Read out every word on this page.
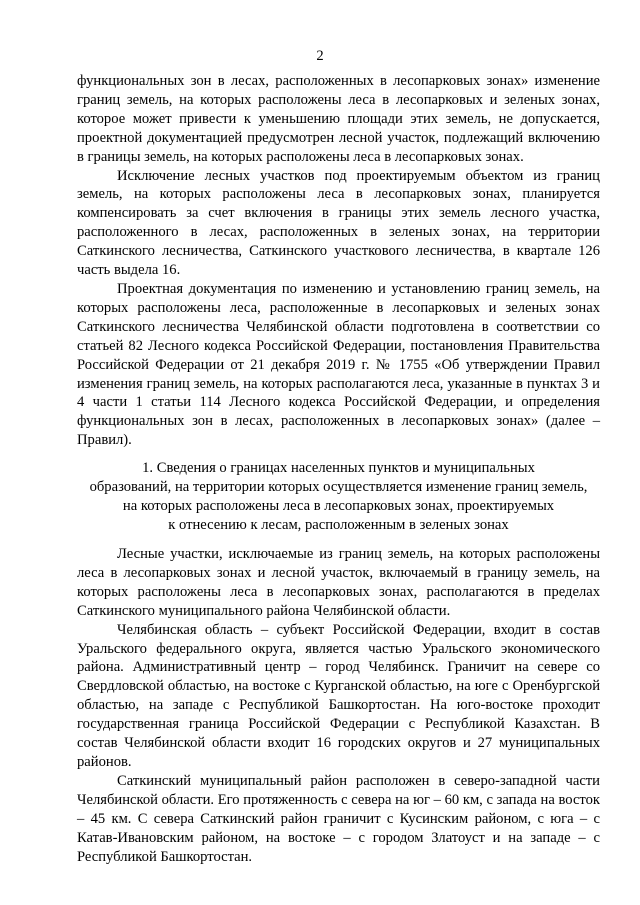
2

функциональных зон в лесах, расположенных в лесопарковых зонах» изменение границ земель, на которых расположены леса в лесопарковых и зеленых зонах, которое может привести к уменьшению площади этих земель, не допускается, проектной документацией предусмотрен лесной участок, подлежащий включению в границы земель, на которых расположены леса в лесопарковых зонах.

Исключение лесных участков под проектируемым объектом из границ земель, на которых расположены леса в лесопарковых зонах, планируется компенсировать за счет включения в границы этих земель лесного участка, расположенного в лесах, расположенных в зеленых зонах, на территории Саткинского лесничества, Саткинского участкового лесничества, в квартале 126 часть выдела 16.

Проектная документация по изменению и установлению границ земель, на которых расположены леса, расположенные в лесопарковых и зеленых зонах Саткинского лесничества Челябинской области подготовлена в соответствии со статьей 82 Лесного кодекса Российской Федерации, постановления Правительства Российской Федерации от 21 декабря 2019 г. № 1755 «Об утверждении Правил изменения границ земель, на которых располагаются леса, указанные в пунктах 3 и 4 части 1 статьи 114 Лесного кодекса Российской Федерации, и определения функциональных зон в лесах, расположенных в лесопарковых зонах» (далее – Правил).

1. Сведения о границах населенных пунктов и муниципальных
образований, на территории которых осуществляется изменение границ земель,
на которых расположены леса в лесопарковых зонах, проектируемых
к отнесению к лесам, расположенным в зеленых зонах

Лесные участки, исключаемые из границ земель, на которых расположены леса в лесопарковых зонах и лесной участок, включаемый в границу земель, на которых расположены леса в лесопарковых зонах, располагаются в пределах Саткинского муниципального района Челябинской области.

Челябинская область – субъект Российской Федерации, входит в состав Уральского федерального округа, является частью Уральского экономического района. Административный центр – город Челябинск. Граничит на севере со Свердловской областью, на востоке с Курганской областью, на юге с Оренбургской областью, на западе с Республикой Башкортостан. На юго-востоке проходит государственная граница Российской Федерации с Республикой Казахстан. В состав Челябинской области входит 16 городских округов и 27 муниципальных районов.

Саткинский муниципальный район расположен в северо-западной части Челябинской области. Его протяженность с севера на юг – 60 км, с запада на восток – 45 км. С севера Саткинский район граничит с Кусинским районом, с юга – с Катав-Ивановским районом, на востоке – с городом Златоуст и на западе – с Республикой Башкортостан.
